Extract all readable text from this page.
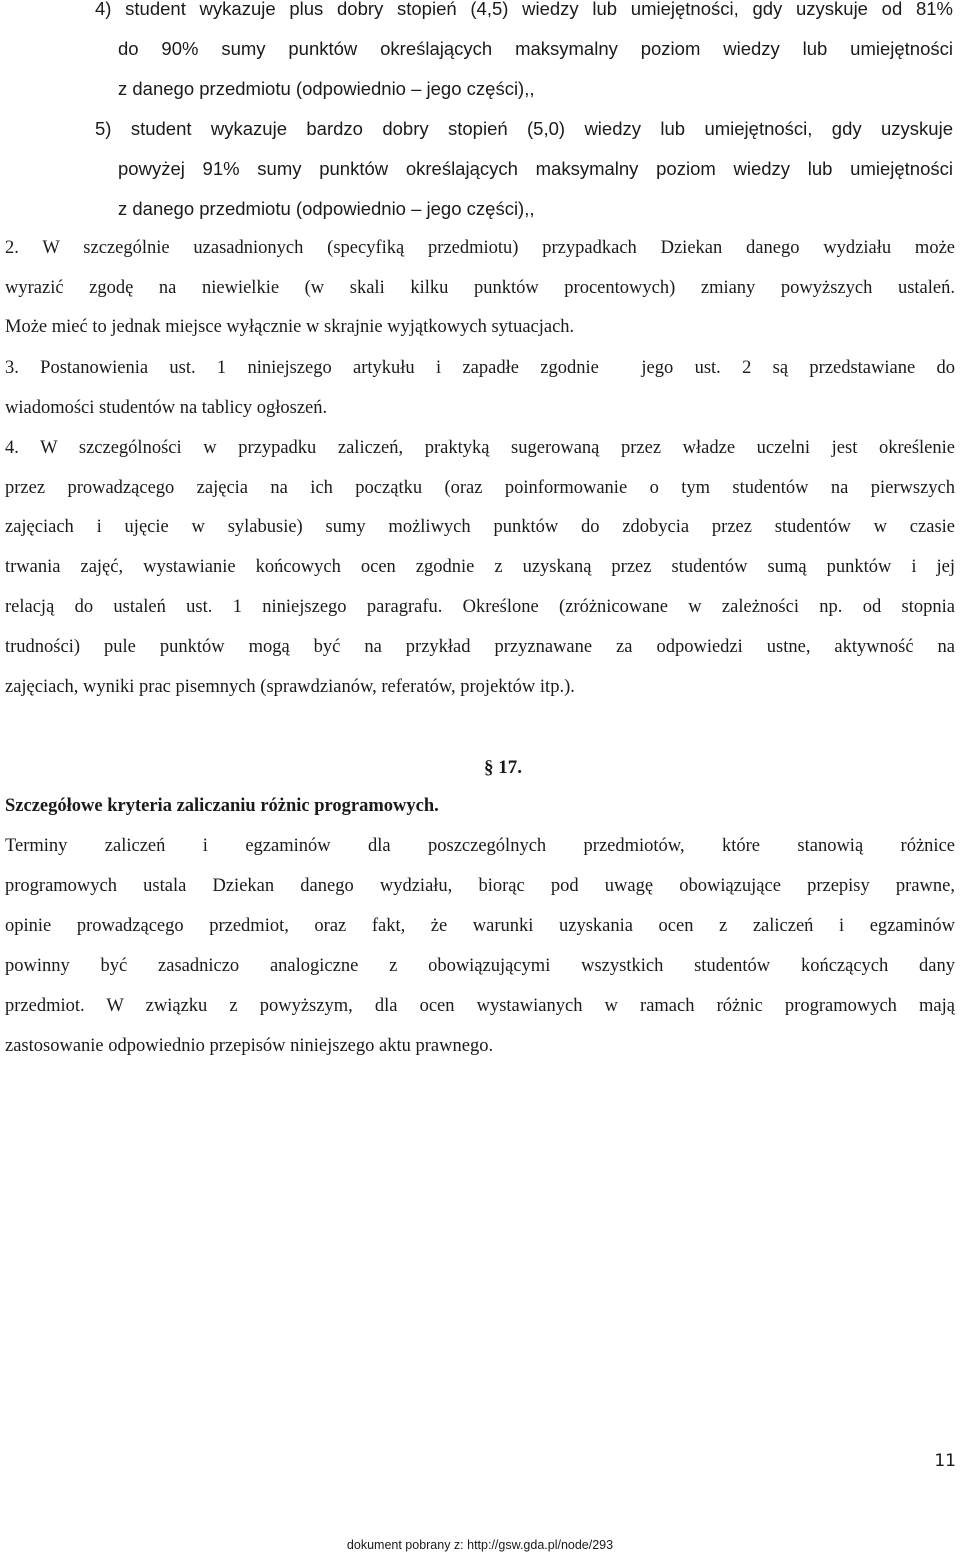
4) student wykazuje plus dobry stopień (4,5) wiedzy lub umiejętności, gdy uzyskuje od 81%

do 90% sumy punktów określających maksymalny poziom wiedzy lub umiejętności

z danego przedmiotu (odpowiednio – jego części),,

5) student wykazuje bardzo dobry stopień (5,0) wiedzy lub umiejętności, gdy uzyskuje

powyżej 91% sumy punktów określających maksymalny poziom wiedzy lub umiejętności

z danego przedmiotu (odpowiednio – jego części),,

2. W szczególnie uzasadnionych (specyfiką przedmiotu) przypadkach Dziekan danego wydziału może

wyrazić zgodę na niewielkie (w skali kilku punktów procentowych) zmiany powyższych ustaleń.

Może mieć to jednak miejsce wyłącznie w skrajnie wyjątkowych sytuacjach.

3. Postanowienia ust. 1 niniejszego artykułu i zapadłe zgodnie  jego ust. 2 są przedstawiane do

wiadomości studentów na tablicy ogłoszeń.

4. W szczególności w przypadku zaliczeń, praktyką sugerowaną przez władze uczelni jest określenie

przez prowadzącego zajęcia na ich początku (oraz poinformowanie o tym studentów na pierwszych

zajęciach i ujęcie w sylabusie) sumy możliwych punktów do zdobycia przez studentów w czasie

trwania zajęć, wystawianie końcowych ocen zgodnie z uzyskaną przez studentów sumą punktów i jej

relacją do ustaleń ust. 1 niniejszego paragrafu. Określone (zróżnicowane w zależności np. od stopnia

trudności) pule punktów mogą być na przykład przyznawane za odpowiedzi ustne, aktywność na

zajęciach, wyniki prac pisemnych (sprawdzianów, referatów, projektów itp.).

§ 17.

Szczegółowe kryteria zaliczaniu różnic programowych.

Terminy zaliczeń i egzaminów dla poszczególnych przedmiotów, które stanowią różnice

programowych ustala Dziekan danego wydziału, biorąc pod uwagę obowiązujące przepisy prawne,

opinie prowadzącego przedmiot, oraz fakt, że warunki uzyskania ocen z zaliczeń i egzaminów

powinny być zasadniczo analogiczne z obowiązującymi wszystkich studentów kończących dany

przedmiot. W związku z powyższym, dla ocen wystawianych w ramach różnic programowych mają

zastosowanie odpowiednio przepisów niniejszego aktu prawnego.

11
dokument pobrany z: http://gsw.gda.pl/node/293
